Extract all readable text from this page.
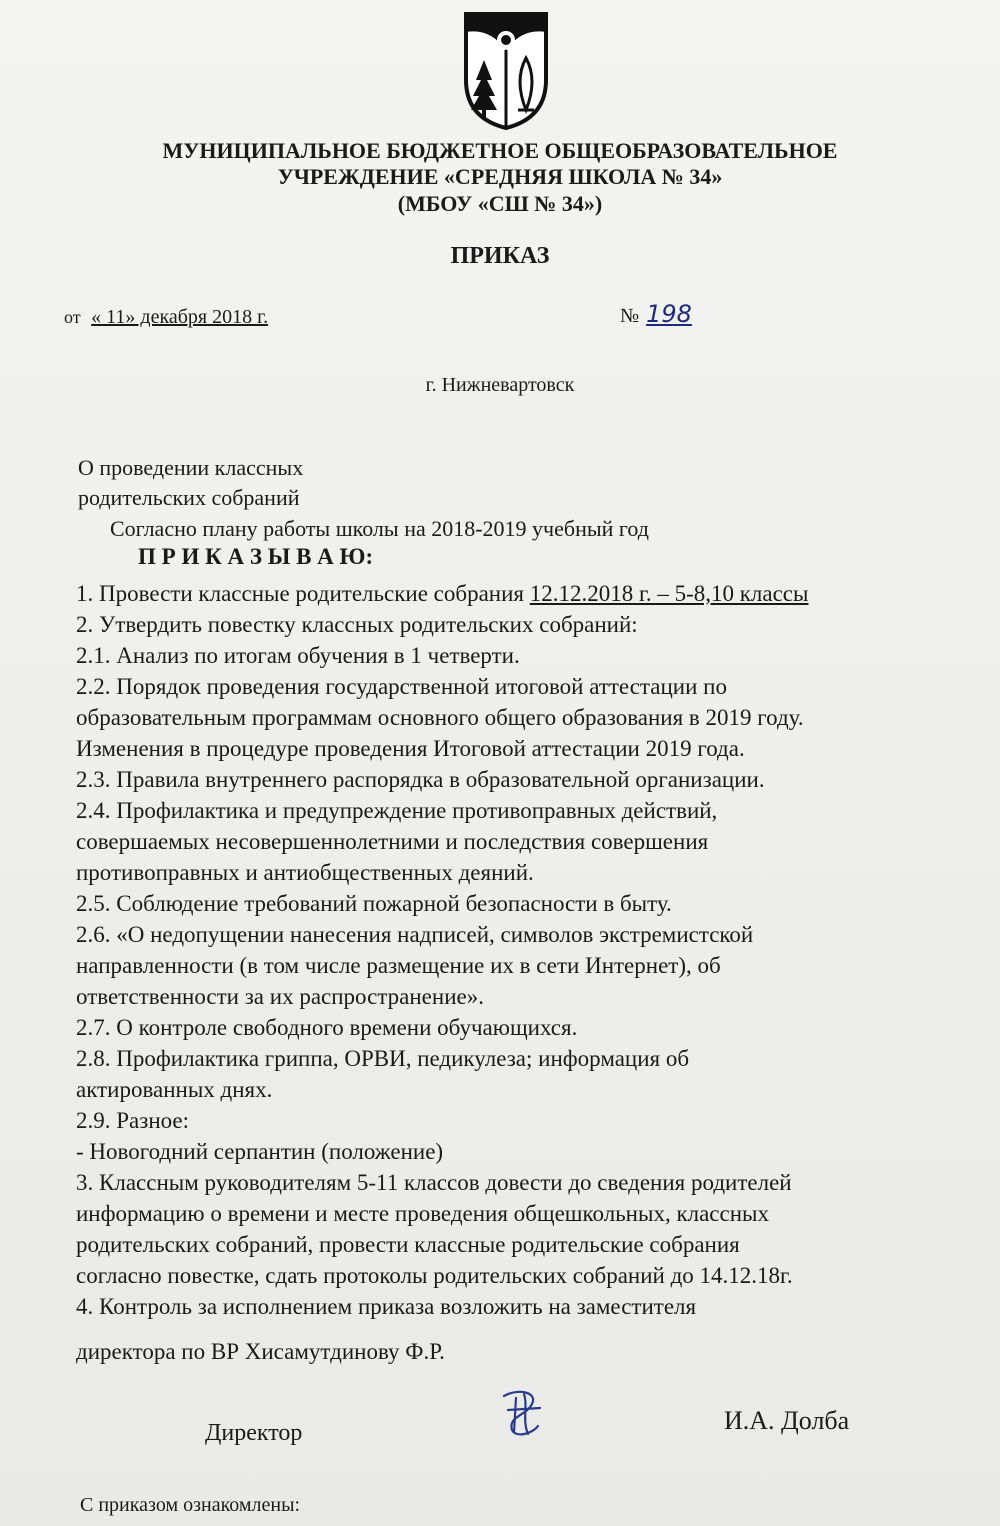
МУНИЦИПАЛЬНОЕ БЮДЖЕТНОЕ ОБЩЕОБРАЗОВАТЕЛЬНОЕ
УЧРЕЖДЕНИЕ «СРЕДНЯЯ ШКОЛА № 34»
(МБОУ «СШ № 34»)
ПРИКАЗ
от « 11» декабря 2018 г.	№ 198
г. Нижневартовск
О проведении классных
родительских собраний
Согласно плану работы школы на 2018-2019 учебный год
П Р И К А З Ы В А Ю:
1. Провести классные родительские собрания 12.12.2018 г. – 5-8,10 классы
2. Утвердить повестку классных родительских собраний:
2.1. Анализ по итогам обучения в 1 четверти.
2.2. Порядок проведения государственной итоговой аттестации по
образовательным программам основного общего образования в 2019 году.
Изменения в процедуре проведения Итоговой аттестации 2019 года.
2.3. Правила внутреннего распорядка в образовательной организации.
2.4. Профилактика и предупреждение противоправных действий,
совершаемых несовершеннолетними и последствия совершения
противоправных и антиобщественных деяний.
2.5. Соблюдение требований пожарной безопасности в быту.
2.6. «О недопущении нанесения надписей, символов экстремистской
направленности (в том числе размещение их в сети Интернет), об
ответственности за их распространение».
2.7. О контроле свободного времени обучающихся.
2.8. Профилактика гриппа, ОРВИ, педикулеза; информация об
актированных днях.
2.9. Разное:
- Новогодний серпантин (положение)
3. Классным руководителям 5-11 классов довести до сведения родителей
информацию о времени и месте проведения общешкольных, классных
родительских собраний, провести классные родительские собрания
согласно повестке, сдать протоколы родительских собраний до 14.12.18г.
4. Контроль за исполнением приказа возложить на заместителя
директора по ВР Хисамутдинову Ф.Р.
Директор	И.А. Долба
С приказом ознакомлены:
